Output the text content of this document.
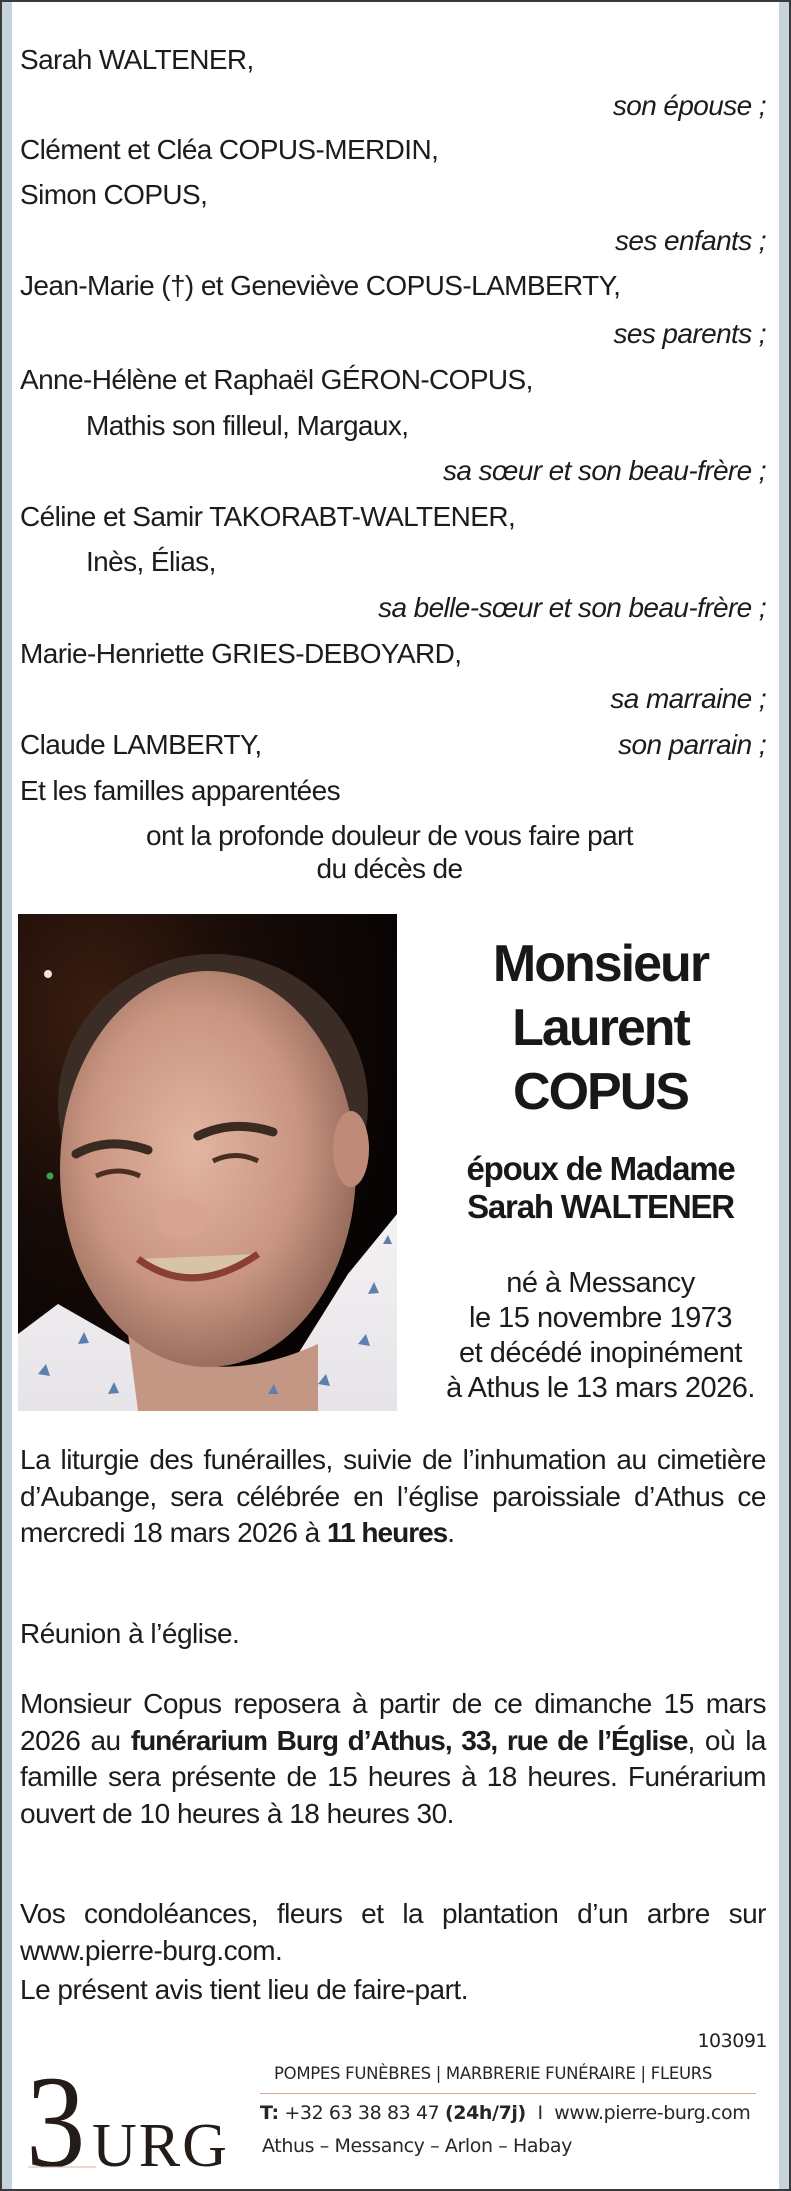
Sarah WALTENER,
son épouse ;
Clément et Cléa COPUS-MERDIN,
Simon COPUS,
ses enfants ;
Jean-Marie (†) et Geneviève COPUS-LAMBERTY,
ses parents ;
Anne-Hélène et Raphaël GÉRON-COPUS,
Mathis son filleul, Margaux,
sa sœur et son beau-frère ;
Céline et Samir TAKORABT-WALTENER,
Inès, Élias,
sa belle-sœur et son beau-frère ;
Marie-Henriette GRIES-DEBOYARD,
sa marraine ;
Claude LAMBERTY,	son parrain ;
Et les familles apparentées
ont la profonde douleur de vous faire part
du décès de
Monsieur
Laurent
COPUS
époux de Madame
Sarah WALTENER
né à Messancy
le 15 novembre 1973
et décédé inopinément
à Athus le 13 mars 2026.
La liturgie des funérailles, suivie de l’inhumation au cimetière d’Aubange, sera célébrée en l’église paroissiale d’Athus ce mercredi 18 mars 2026 à 11 heures.
Réunion à l’église.
Monsieur Copus reposera à partir de ce dimanche 15 mars 2026 au funérarium Burg d’Athus, 33, rue de l’Église, où la famille sera présente de 15 heures à 18 heures. Funérarium ouvert de 10 heures à 18 heures 30.
Vos condoléances, fleurs et la plantation d’un arbre sur www.pierre-burg.com.
Le présent avis tient lieu de faire-part.
103091
3 URG
POMPES FUNÈBRES | MARBRERIE FUNÉRAIRE | FLEURS
T: +32 63 38 83 47 (24h/7j) I www.pierre-burg.com
Athus – Messancy – Arlon – Habay
